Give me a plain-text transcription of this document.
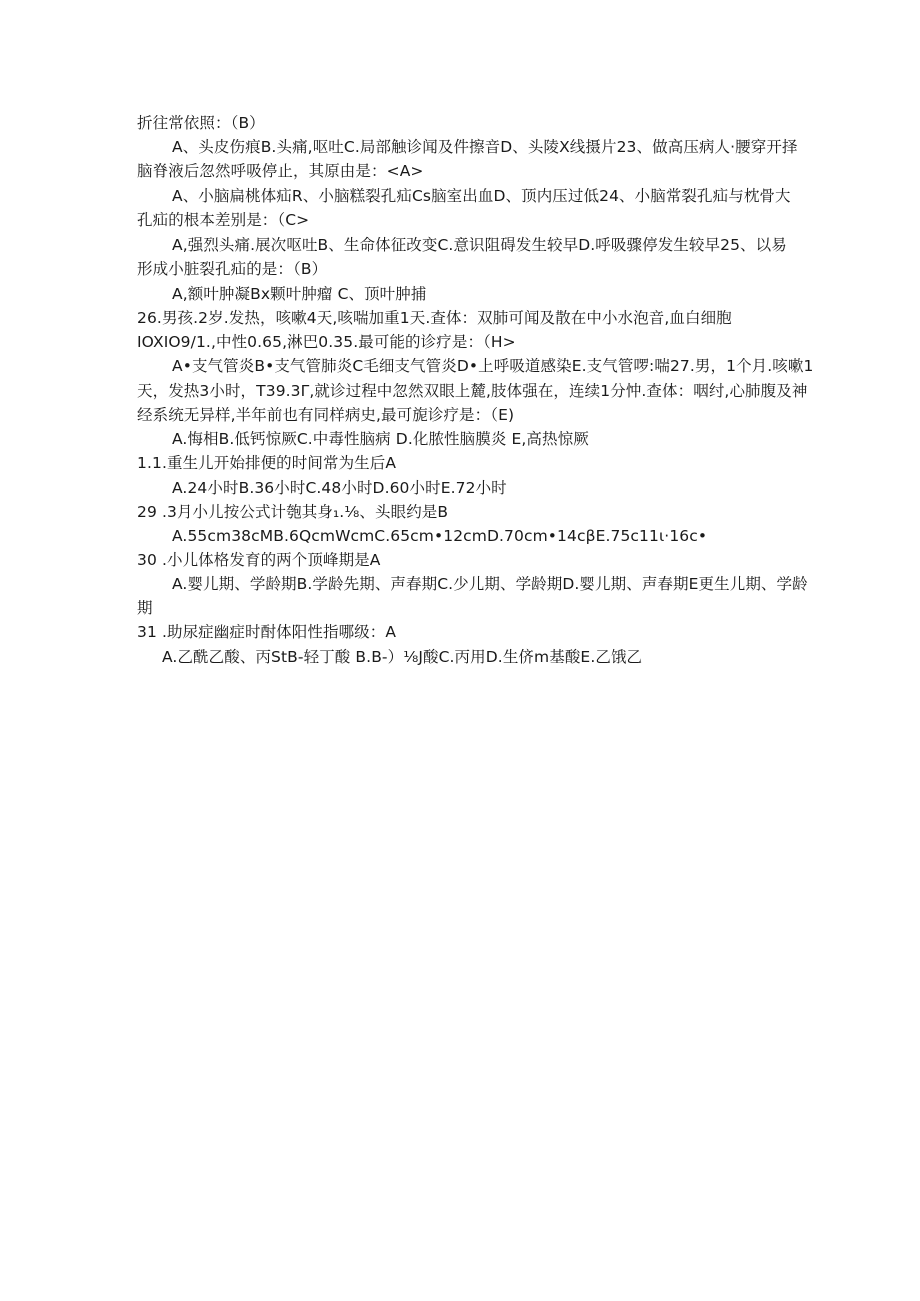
折往常依照：（B）
A、头皮伤痕B.头痛,呕吐C.局部触诊闻及件擦音D、头陵X线摄片23、做高压病人·腰穿开择
脑脊液后忽然呼吸停止，其原由是：<A>
A、小脑扁桃体疝R、小脑糕裂孔疝Cs脑室出血D、顶内压过低24、小脑常裂孔疝与枕骨大
孔疝的根本差别是：（C>
A,强烈头痛.展次呕吐B、生命体征改变C.意识阻碍发生较早D.呼吸骤停发生较早25、以易
形成小脏裂孔疝的是：（B）
A,额叶肿凝Bx颗叶肿瘤 C、顶叶肿捕
26.男孩.2岁.发热，咳嗽4天,咳喘加重1天.查体：双肺可闻及散在中小水泡音,血白细胞
IOXIO9/1.,中性0.65,淋巴0.35.最可能的诊疗是：（H>
A•支气管炎B•支气管肺炎C毛细支气管炎D•上呼吸道感染E.支气管啰:喘27.男，1个月.咳嗽1
天，发热3小时，T39.3Γ,就诊过程中忽然双眼上麓,肢体强在，连续1分忡.查体：咽纣,心肺腹及神
经系统无异样,半年前也有同样病史,最可旎诊疗是：（E)
A.悔相B.低钙惊厥C.中毒性脑病 D.化脓性脑膜炎 E,高热惊厥
1.1.重生儿开始排便的时间常为生后A
A.24小时B.36小时C.48小时D.60小时E.72小时
29 .3月小儿按公式计匏其身₁.⅛、头眼约是B
A.55cm38cMB.6QcmWcmC.65cm•12cmD.70cm•14cβE.75c11ι·16c•
30 .小儿体格发育的两个顶峰期是A
A.婴儿期、学龄期B.学龄先期、声春期C.少儿期、学龄期D.婴儿期、声春期E更生儿期、学龄
期
31 .助尿症幽症时酎体阳性指哪级：A
A.乙酰乙酸、丙StB-轻丁酸 B.B-）⅛J酸C.丙用D.生侪m基酸E.乙饿乙
